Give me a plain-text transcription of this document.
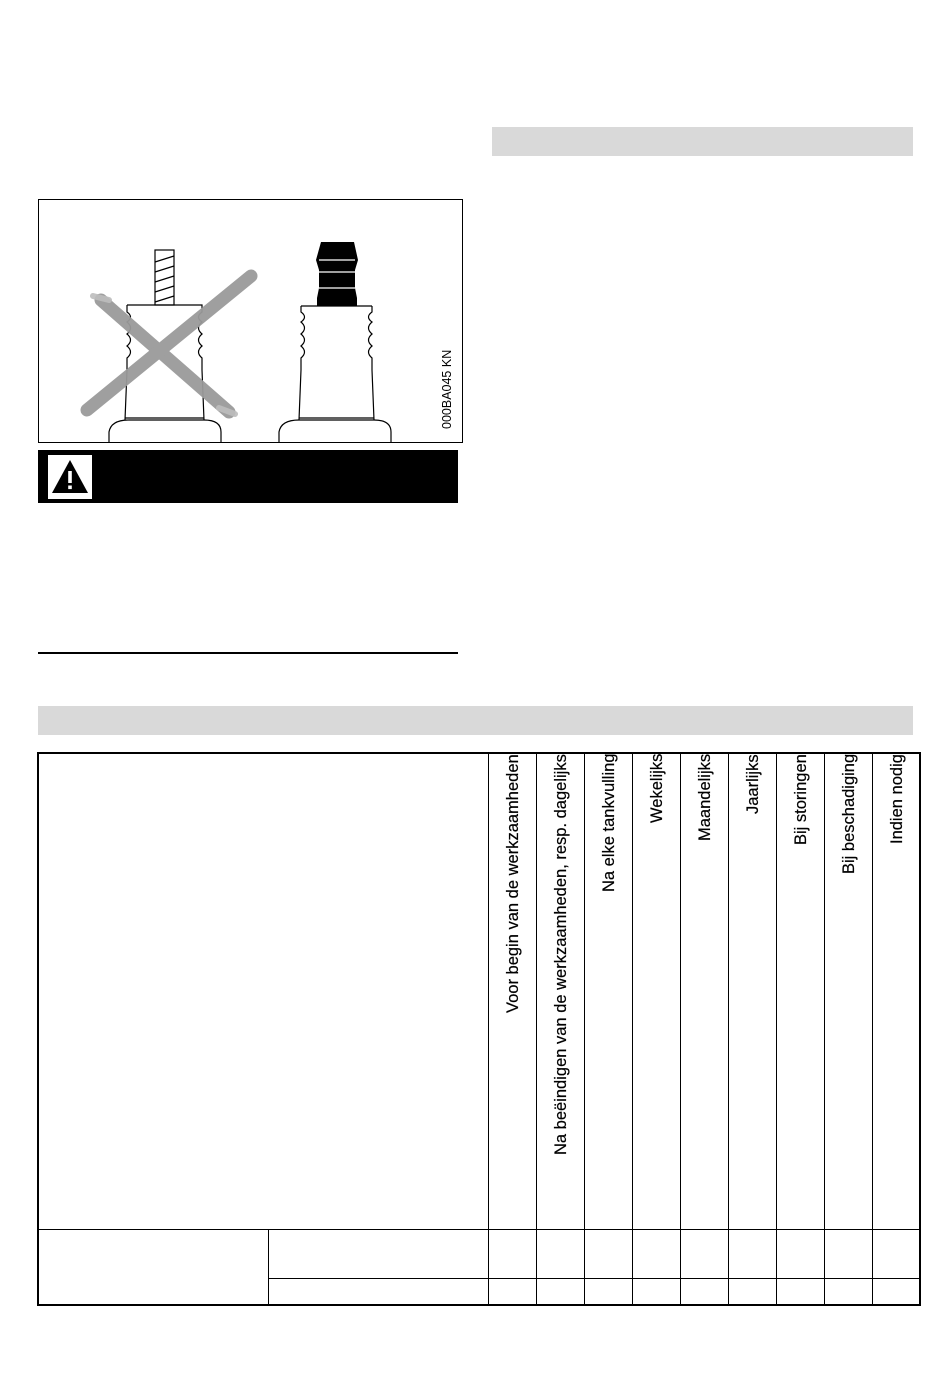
000BA045 KN
Voor begin van de werkzaamheden	Na beëindigen van de werkzaamheden, resp. dagelijks	Na elke tankvulling	Wekelijks	Maandelijks	Jaarlijks	Bij storingen	Bij beschadiging	Indien nodig
